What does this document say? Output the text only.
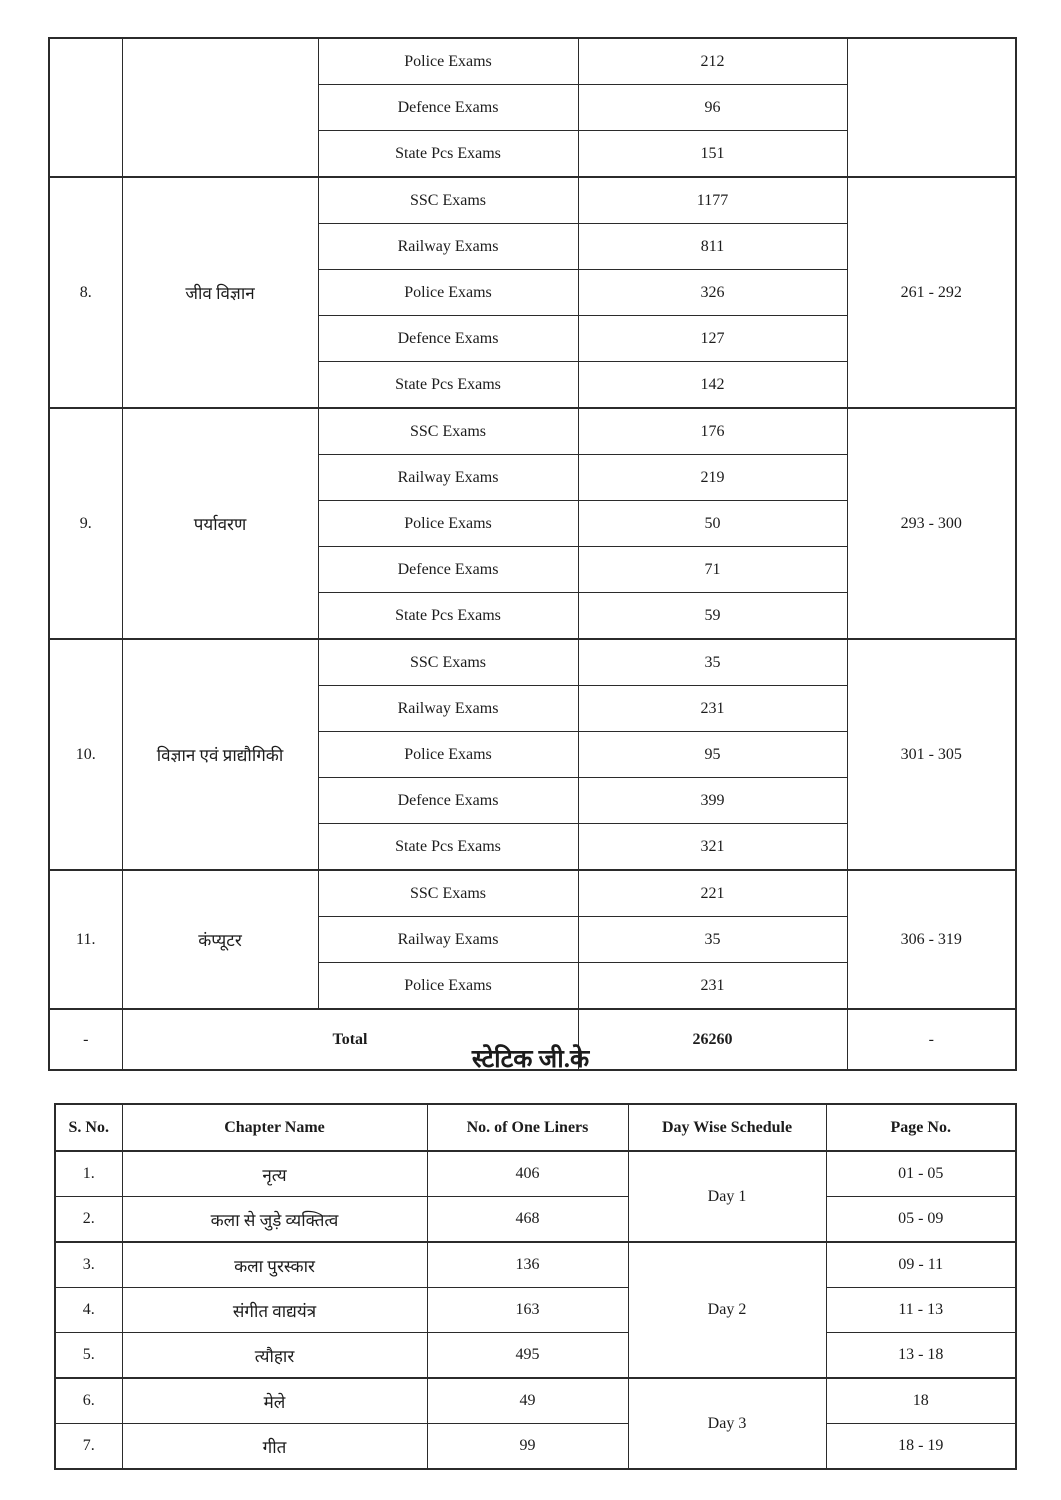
		Police Exams	212	
		Defence Exams	96	
		State Pcs Exams	151	
8.	जीव विज्ञान	SSC Exams	1177	261 - 292
		Railway Exams	811	
		Police Exams	326	
		Defence Exams	127	
		State Pcs Exams	142	
9.	पर्यावरण	SSC Exams	176	293 - 300
		Railway Exams	219	
		Police Exams	50	
		Defence Exams	71	
		State Pcs Exams	59	
10.	विज्ञान एवं प्राद्यौगिकी	SSC Exams	35	301 - 305
		Railway Exams	231	
		Police Exams	95	
		Defence Exams	399	
		State Pcs Exams	321	
11.	कंप्यूटर	SSC Exams	221	306 - 319
		Railway Exams	35	
		Police Exams	231	
-	Total		26260	-
स्टेटिक जी.के
S. No.	Chapter Name	No. of One Liners	Day Wise Schedule	Page No.
1.	नृत्य	406	Day 1	01 - 05
2.	कला से जुड़े व्यक्तित्व	468		05 - 09
3.	कला पुरस्कार	136	Day 2	09 - 11
4.	संगीत वाद्ययंत्र	163		11 - 13
5.	त्यौहार	495		13 - 18
6.	मेले	49	Day 3	18
7.	गीत	99		18 - 19
